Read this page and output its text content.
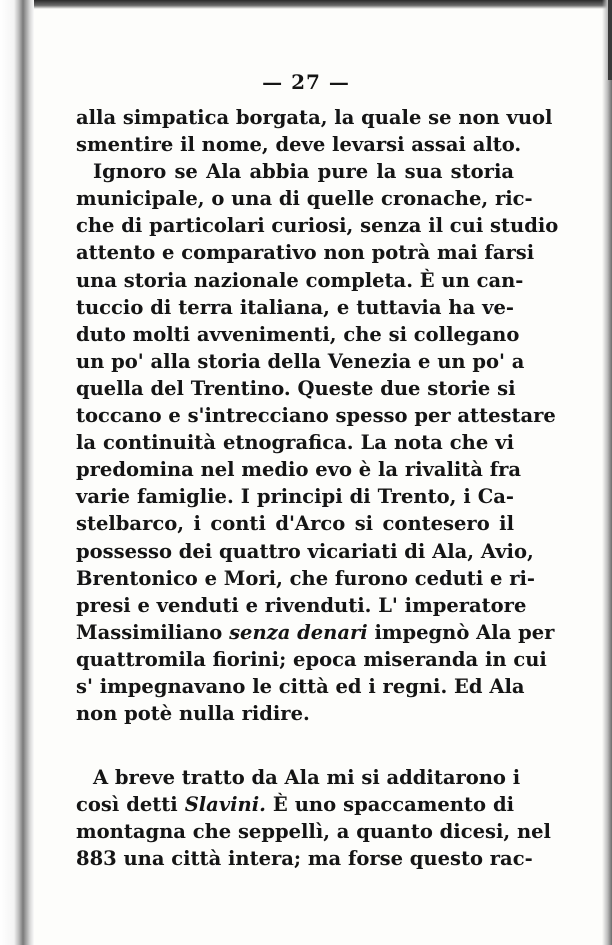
— 27 —
alla simpatica borgata, la quale se non vuol
smentire il nome, deve levarsi assai alto.
Ignoro se Ala abbia pure la sua storia
municipale, o una di quelle cronache, ric-
che di particolari curiosi, senza il cui studio
attento e comparativo non potrà mai farsi
una storia nazionale completa. È un can-
tuccio di terra italiana, e tuttavia ha ve-
duto molti avvenimenti, che si collegano
un po' alla storia della Venezia e un po' a
quella del Trentino. Queste due storie si
toccano e s'intrecciano spesso per attestare
la continuità etnografica. La nota che vi
predomina nel medio evo è la rivalità fra
varie famiglie. I principi di Trento, i Ca-
stelbarco, i conti d'Arco si contesero il
possesso dei quattro vicariati di Ala, Avio,
Brentonico e Mori, che furono ceduti e ri-
presi e venduti e rivenduti. L' imperatore
Massimiliano senza denari impegnò Ala per
quattromila fiorini; epoca miseranda in cui
s' impegnavano le città ed i regni. Ed Ala
non potè nulla ridire.
A breve tratto da Ala mi si additarono i
così detti Slavini. È uno spaccamento di
montagna che seppellì, a quanto dicesi, nel
883 una città intera; ma forse questo rac-
